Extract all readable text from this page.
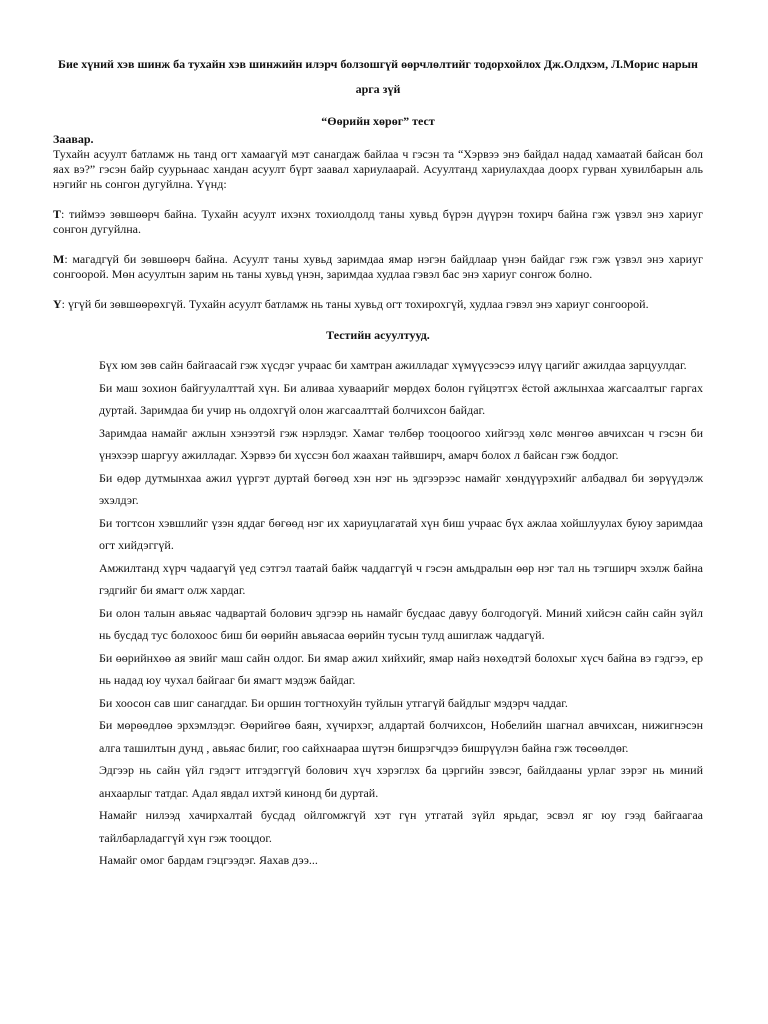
Бие хүний хэв шинж ба тухайн хэв шинжийн илэрч болзошгүй өөрчлөлтийг тодорхойлох Дж.Олдхэм, Л.Морис нарын арга зүй

“Өөрийн хөрөг” тест
Заавар.

Тухайн асуулт батламж нь танд огт хамаагүй мэт санагдаж байлаа ч гэсэн та “Хэрвээ энэ байдал надад хамаатай байсан бол яах вэ?” гэсэн байр суурьнаас хандан асуулт бүрт заавал хариулаарай. Асуултанд хариулахдаа доорх гурван хувилбарын аль нэгийг нь сонгон дугуйлна. Үүнд:

Т: тиймээ зөвшөөрч байна. Тухайн асуулт ихэнх тохиолдолд таны хувьд бүрэн дүүрэн тохирч байна гэж үзвэл энэ хариуг сонгон дугуйлна.

М: магадгүй би зөвшөөрч байна. Асуулт таны хувьд заримдаа ямар нэгэн байдлаар үнэн байдаг гэж гэж үзвэл энэ хариуг сонгоорой. Мөн асуултын зарим нь таны хувьд үнэн, заримдаа худлаа гэвэл бас энэ хариуг сонгож болно.

Ү: үгүй би зөвшөөрөхгүй. Тухайн асуулт батламж нь таны хувьд огт тохирохгүй, худлаа гэвэл энэ хариуг сонгоорой.

Тестийн асуултууд.

Бүх юм зөв сайн байгаасай гэж хүсдэг учраас би хамтран ажилладаг хүмүүсээсээ илүү цагийг ажилдаа зарцуулдаг.

Би маш зохион байгуулалттай хүн. Би аливаа хуваарийг мөрдөх болон гүйцэтгэх ёстой ажлынхаа жагсаалтыг гаргах дуртай. Заримдаа би учир нь олдохгүй олон жагсаалттай болчихсон байдаг.

Заримдаа намайг ажлын хэнээтэй гэж нэрлэдэг. Хамаг төлбөр тооцоогоо хийгээд хөлс мөнгөө авчихсан ч гэсэн би үнэхээр шаргуу ажилладаг. Хэрвээ би хүссэн бол жаахан тайвширч, амарч болох л байсан гэж боддог.

Би өдөр дутмынхаа ажил үүргэт дуртай бөгөөд хэн нэг нь эдгээрээс намайг хөндүүрэхийг албадвал би зөрүүдэлж эхэлдэг.

Би тогтсон хэвшлийг үзэн яддаг бөгөөд нэг их хариуцлагатай хүн биш учраас бүх ажлаа хойшлуулах буюу заримдаа огт хийдэггүй.

Амжилтанд хүрч чадаагүй үед сэтгэл таатай байж чаддаггүй ч гэсэн амьдралын өөр нэг тал нь тэгширч эхэлж байна гэдгийг би ямагт олж хардаг.

Би олон талын авьяас чадвартай болович эдгээр нь намайг бусдаас давуу болгодогүй. Миний хийсэн сайн сайн зүйл нь бусдад тус болохоос биш би өөрийн авьяасаа өөрийн тусын тулд ашиглаж чаддагүй.

Би өөрийнхөө ая эвийг маш сайн олдог. Би ямар ажил хийхийг, ямар найз нөхөдтэй болохыг хүсч байна вэ гэдгээ, ер нь надад юу чухал байгааг би ямагт мэдэж байдаг.

Би хоосон сав шиг санагддаг. Би оршин тогтнохуйн туйлын утгагүй байдлыг мэдэрч чаддаг.

Би мөрөөдлөө эрхэмлэдэг. Өөрийгөө баян, хүчирхэг, алдартай болчихсон, Нобелийн шагнал авчихсан, нижигнэсэн алга ташилтын дунд , авьяас билиг, гоо сайхнаараа шүтэн бишрэгчдээ бишрүүлэн байна гэж төсөөлдөг.

Эдгээр нь сайн үйл гэдэгт итгэдэггүй болович хүч хэрэглэх ба цэргийн зэвсэг, байлдааны урлаг зэрэг нь миний анхаарлыг татдаг. Адал явдал ихтэй кинонд би дуртай.

Намайг нилээд хачирхалтай бусдад ойлгомжгүй хэт гүн утгатай зүйл ярьдаг, эсвэл яг юу гээд байгаагаа тайлбарладаггүй хүн гэж тооцдог.

Намайг омог бардам гэцгээдэг. Яахав дээ...
